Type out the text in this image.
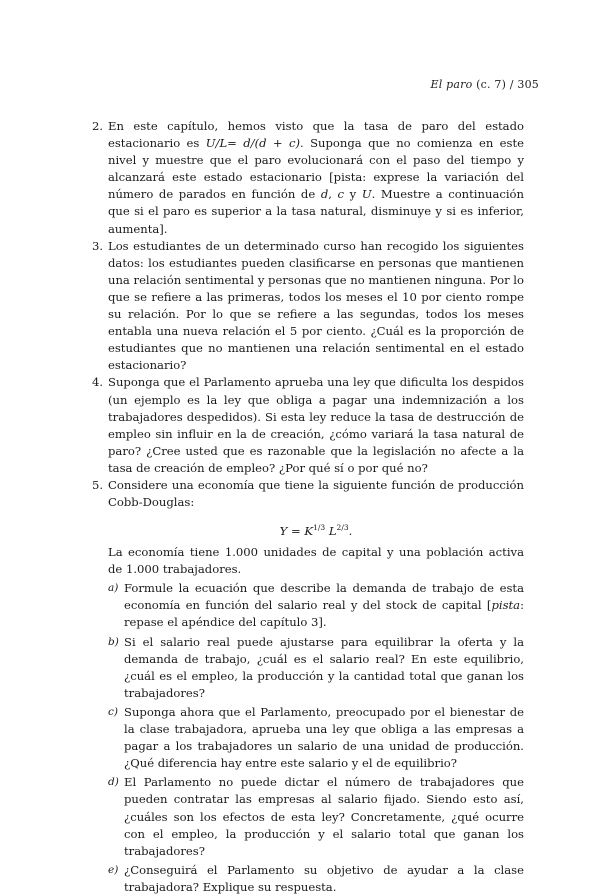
El paro (c. 7) / 305
2. En este capítulo, hemos visto que la tasa de paro del estado estacionario es U/L= d/(d + c). Suponga que no comienza en este nivel y muestre que el paro evolucionará con el paso del tiempo y alcanzará este estado estacionario [pista: exprese la variación del número de parados en función de d, c y U. Muestre a continuación que si el paro es superior a la tasa natural, disminuye y si es inferior, aumenta].

3. Los estudiantes de un determinado curso han recogido los siguientes datos: los estudiantes pueden clasificarse en personas que mantienen una relación sentimental y personas que no mantienen ninguna. Por lo que se refiere a las primeras, todos los meses el 10 por ciento rompe su relación. Por lo que se refiere a las segundas, todos los meses entabla una nueva relación el 5 por ciento. ¿Cuál es la proporción de estudiantes que no mantienen una relación sentimental en el estado estacionario?

4. Suponga que el Parlamento aprueba una ley que dificulta los despidos (un ejemplo es la ley que obliga a pagar una indemnización a los trabajadores despedidos). Si esta ley reduce la tasa de destrucción de empleo sin influir en la de creación, ¿cómo variará la tasa natural de paro? ¿Cree usted que es razonable que la legislación no afecte a la tasa de creación de empleo? ¿Por qué sí o por qué no?

5. Considere una economía que tiene la siguiente función de producción Cobb-Douglas:

$Y = K^{1/3}$ $L^{2/3}$.

La economía tiene 1.000 unidades de capital y una población activa de 1.000 trabajadores.

a) Formule la ecuación que describe la demanda de trabajo de esta economía en función del salario real y del stock de capital [pista: repase el apéndice del capítulo 3].

b) Si el salario real puede ajustarse para equilibrar la oferta y la demanda de trabajo, ¿cuál es el salario real? En este equilibrio, ¿cuál es el empleo, la producción y la cantidad total que ganan los trabajadores?

c) Suponga ahora que el Parlamento, preocupado por el bienestar de la clase trabajadora, aprueba una ley que obliga a las empresas a pagar a los trabajadores un salario de una unidad de producción. ¿Qué diferencia hay entre este salario y el de equilibrio?

d) El Parlamento no puede dictar el número de trabajadores que pueden contratar las empresas al salario fijado. Siendo esto así, ¿cuáles son los efectos de esta ley? Concretamente, ¿qué ocurre con el empleo, la producción y el salario total que ganan los trabajadores?

e) ¿Conseguirá el Parlamento su objetivo de ayudar a la clase trabajadora? Explique su respuesta.
